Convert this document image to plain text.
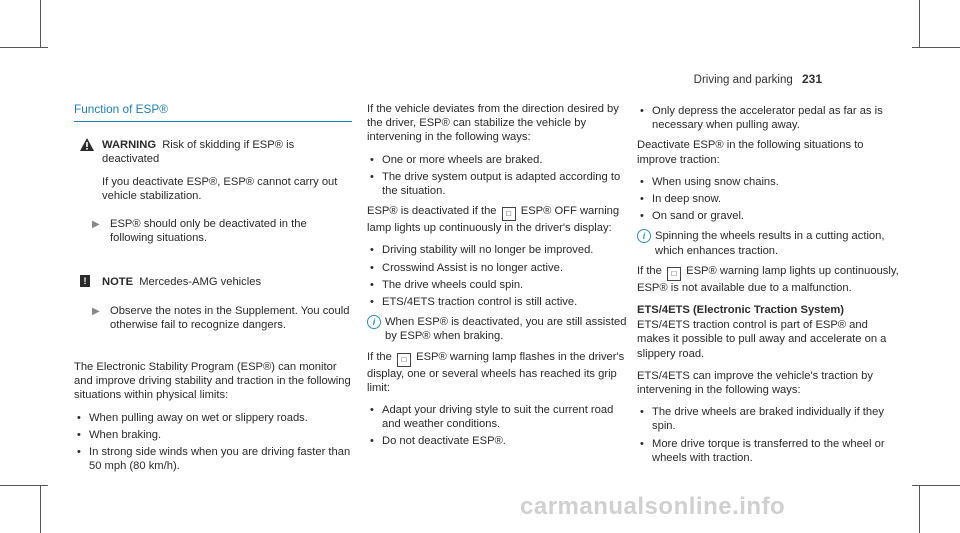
Driving and parking 231
Function of ESP®

WARNING Risk of skidding if ESP® is deactivated

If you deactivate ESP®, ESP® cannot carry out vehicle stabilization.

▶ ESP® should only be deactivated in the following situations.
!	NOTE Mercedes-AMG vehicles

▶ Observe the notes in the Supplement. You could otherwise fail to recognize dangers.

The Electronic Stability Program (ESP®) can monitor and improve driving stability and traction in the following situations within physical limits:

• When pulling away on wet or slippery roads.
• When braking.
• In strong side winds when you are driving faster than 50 mph (80 km/h).

If the vehicle deviates from the direction desired by the driver, ESP® can stabilize the vehicle by intervening in the following ways:

• One or more wheels are braked.
• The drive system output is adapted according to the situation.

ESP® is deactivated if the □ ESP® OFF warning lamp lights up continuously in the driver's display:

• Driving stability will no longer be improved.
• Crosswind Assist is no longer active.
• The drive wheels could spin.
• ETS/4ETS traction control is still active.
i When ESP® is deactivated, you are still assisted by ESP® when braking.

If the □ ESP® warning lamp flashes in the driver's display, one or several wheels has reached its grip limit:

• Adapt your driving style to suit the current road and weather conditions.
• Do not deactivate ESP®.
• Only depress the accelerator pedal as far as is necessary when pulling away.

Deactivate ESP® in the following situations to improve traction:

• When using snow chains.
• In deep snow.
• On sand or gravel.
i Spinning the wheels results in a cutting action, which enhances traction.

If the □ ESP® warning lamp lights up continuously, ESP® is not available due to a malfunction.

ETS/4ETS (Electronic Traction System)

ETS/4ETS traction control is part of ESP® and makes it possible to pull away and accelerate on a slippery road.

ETS/4ETS can improve the vehicle's traction by intervening in the following ways:

• The drive wheels are braked individually if they spin.
• More drive torque is transferred to the wheel or wheels with traction.
carmanualsonline.info
